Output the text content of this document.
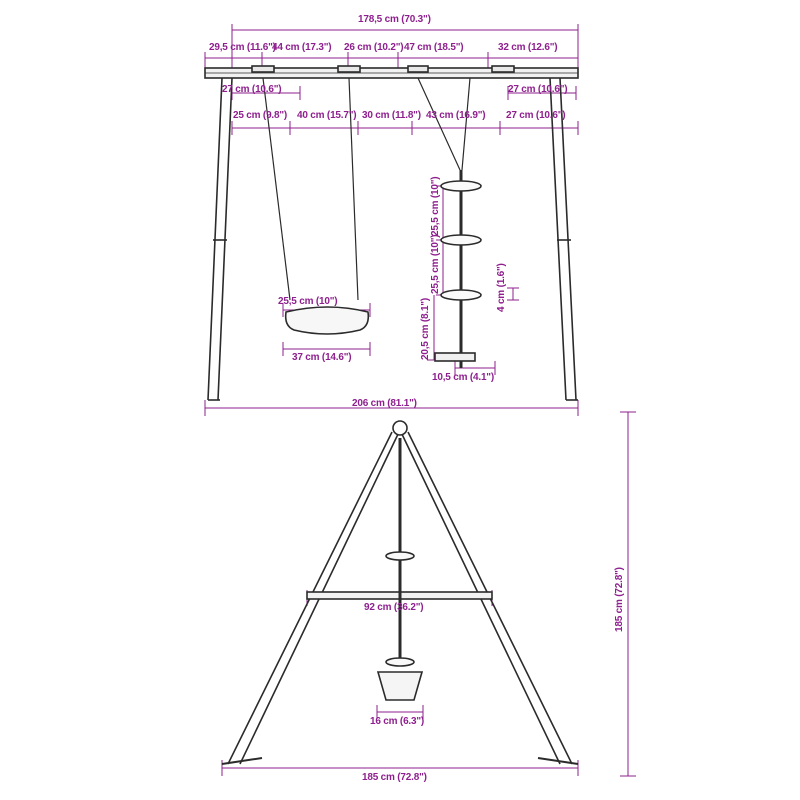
178,5 cm (70.3")
29,5 cm (11.6")
44 cm (17.3") 26 cm (10.2") 47 cm (18.5")	32 cm (12.6")
27 cm (10.6")	27 cm (10.6")
25 cm (9.8") 40 cm (15.7") 30 cm (11.8") 43 cm (16.9") 27 cm (10.6")
25,5 cm (10")
37 cm (14.6")
25,5 cm (10")
25,5 cm (10")
20,5 cm (8.1")
4 cm (1.6")
10,5 cm (4.1")
206 cm (81.1")
92 cm (36.2")
16 cm (6.3")
185 cm (72.8")
185 cm (72.8")
